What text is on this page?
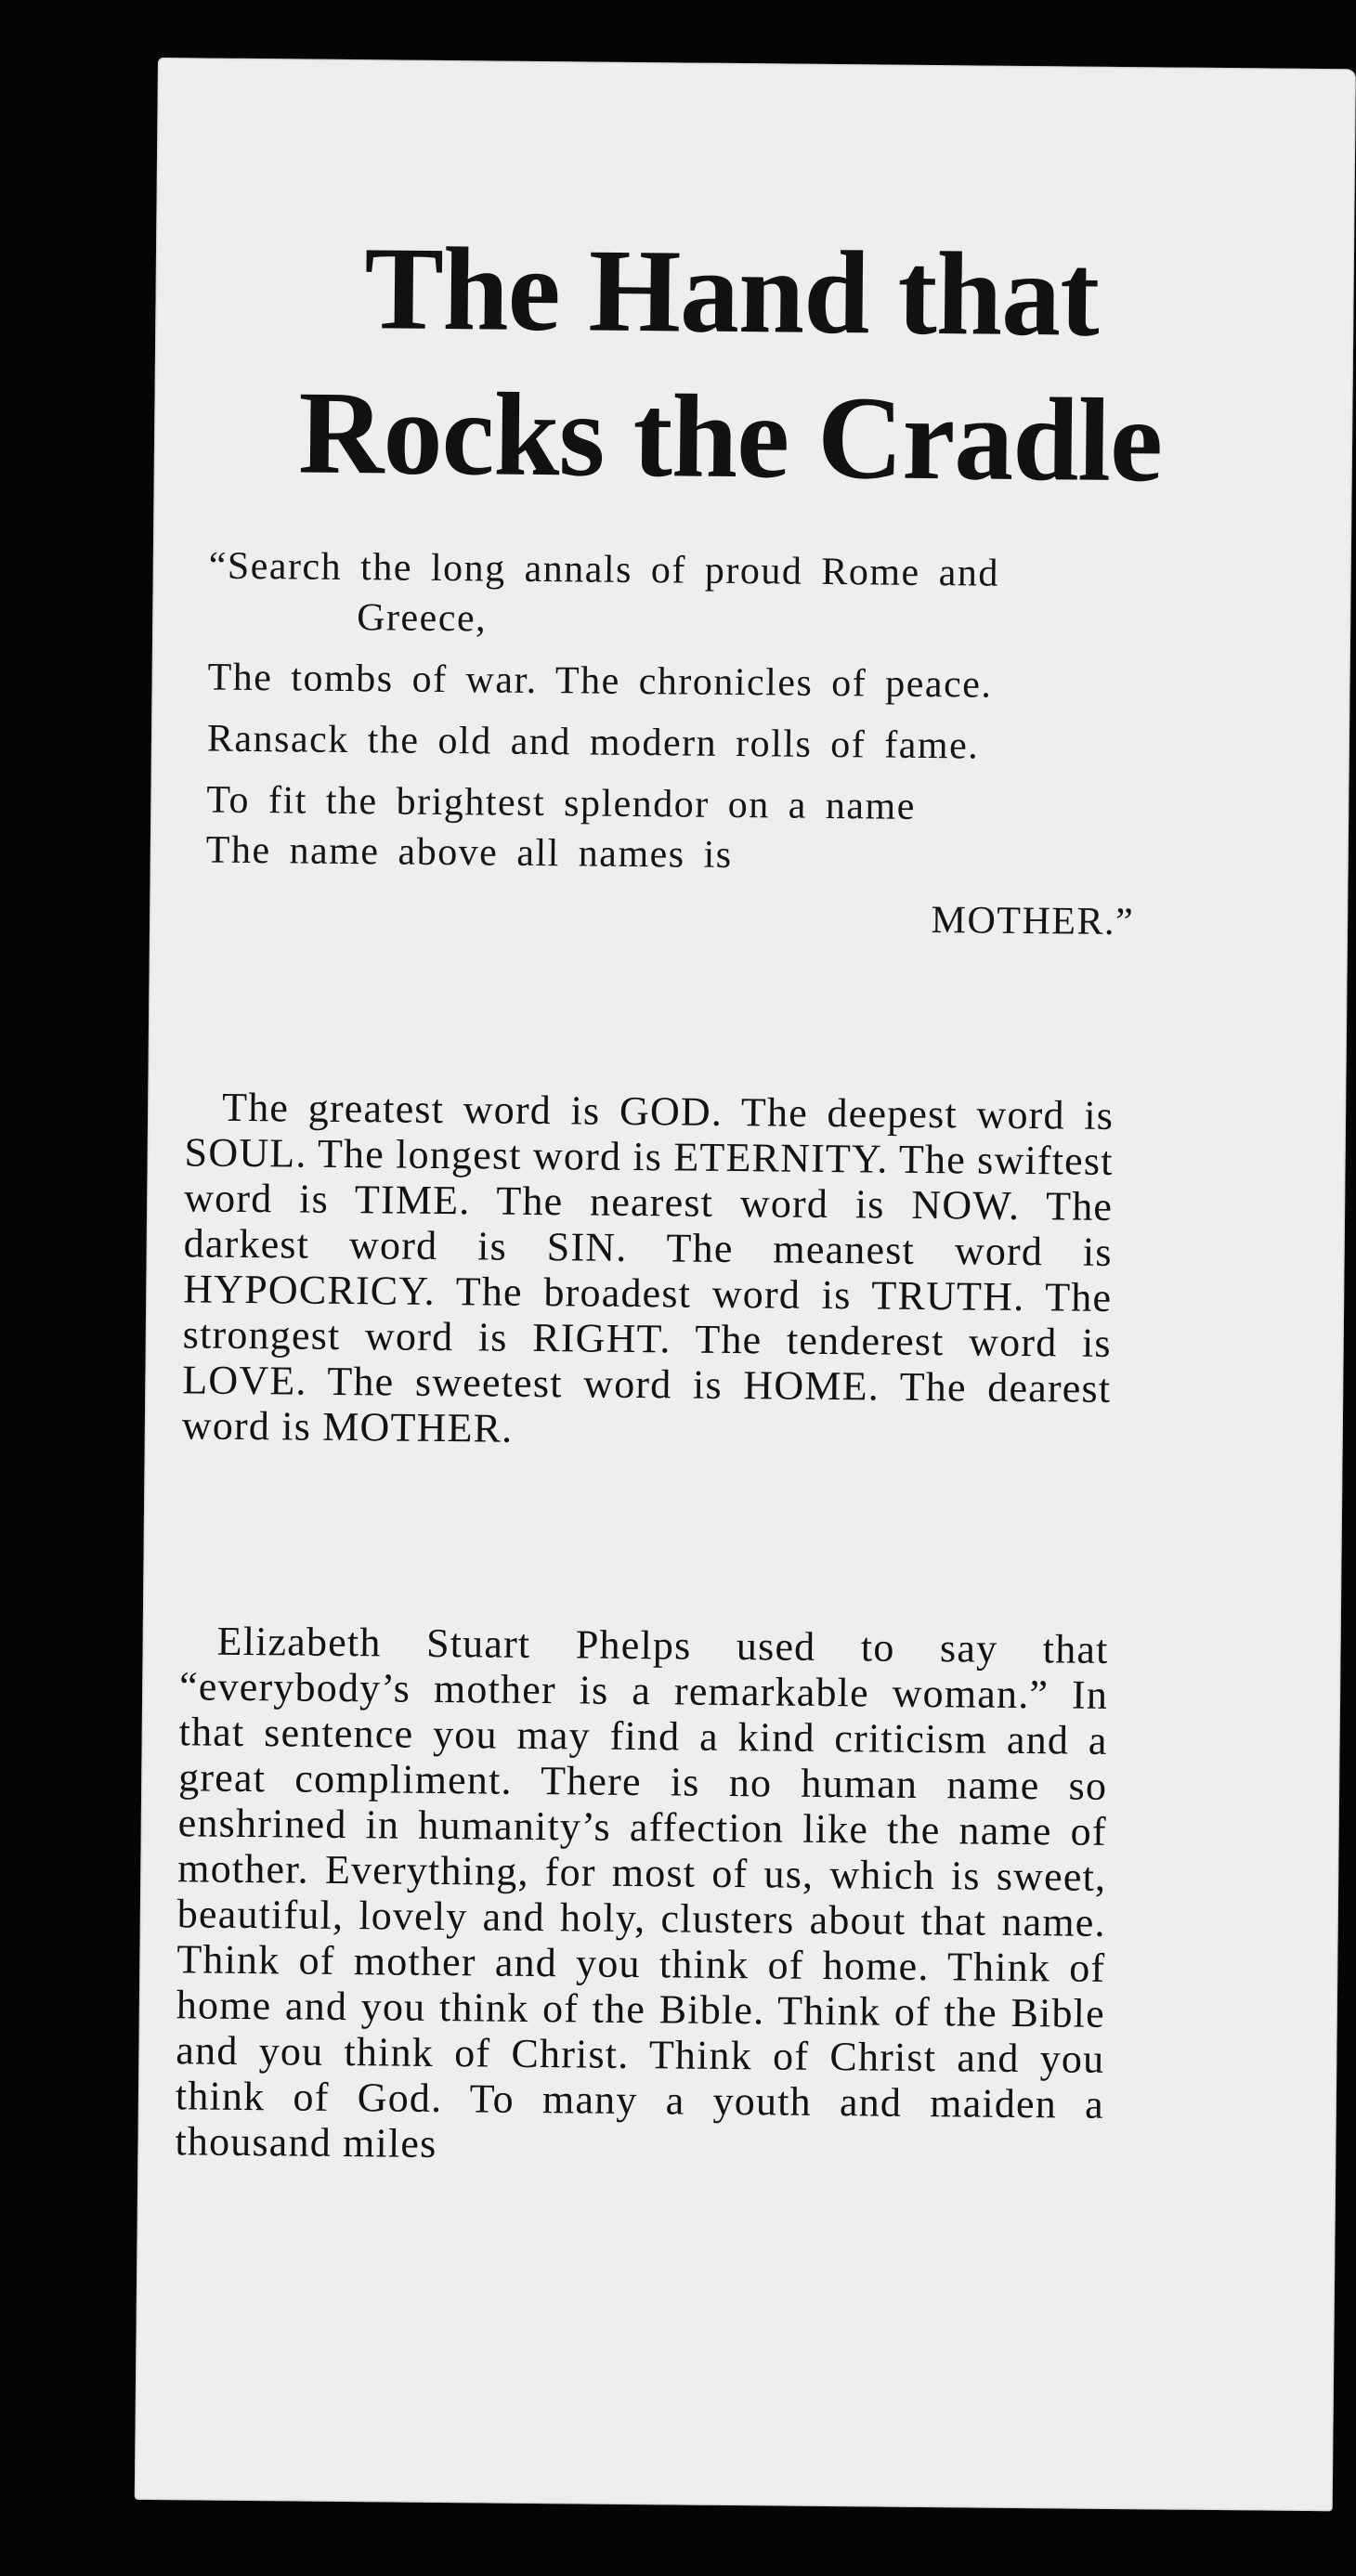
The Hand that
Rocks the Cradle

“Search the long annals of proud Rome and Greece,

The tombs of war. The chronicles of peace.

Ransack the old and modern rolls of fame.

To fit the brightest splendor on a name

The name above all names is

MOTHER.”

The greatest word is GOD. The deepest word is SOUL. The longest word is ETERNITY. The swiftest word is TIME. The nearest word is NOW. The darkest word is SIN. The meanest word is HYPOCRICY. The broadest word is TRUTH. The strongest word is RIGHT. The tenderest word is LOVE. The sweetest word is HOME. The dearest word is MOTHER.

Elizabeth Stuart Phelps used to say that “everybody’s mother is a remarkable woman.” In that sentence you may find a kind criticism and a great compliment. There is no human name so enshrined in humanity’s affection like the name of mother. Everything, for most of us, which is sweet, beautiful, lovely and holy, clusters about that name. Think of mother and you think of home. Think of home and you think of the Bible. Think of the Bible and you think of Christ. Think of Christ and you think of God. To many a youth and maiden a thousand miles
